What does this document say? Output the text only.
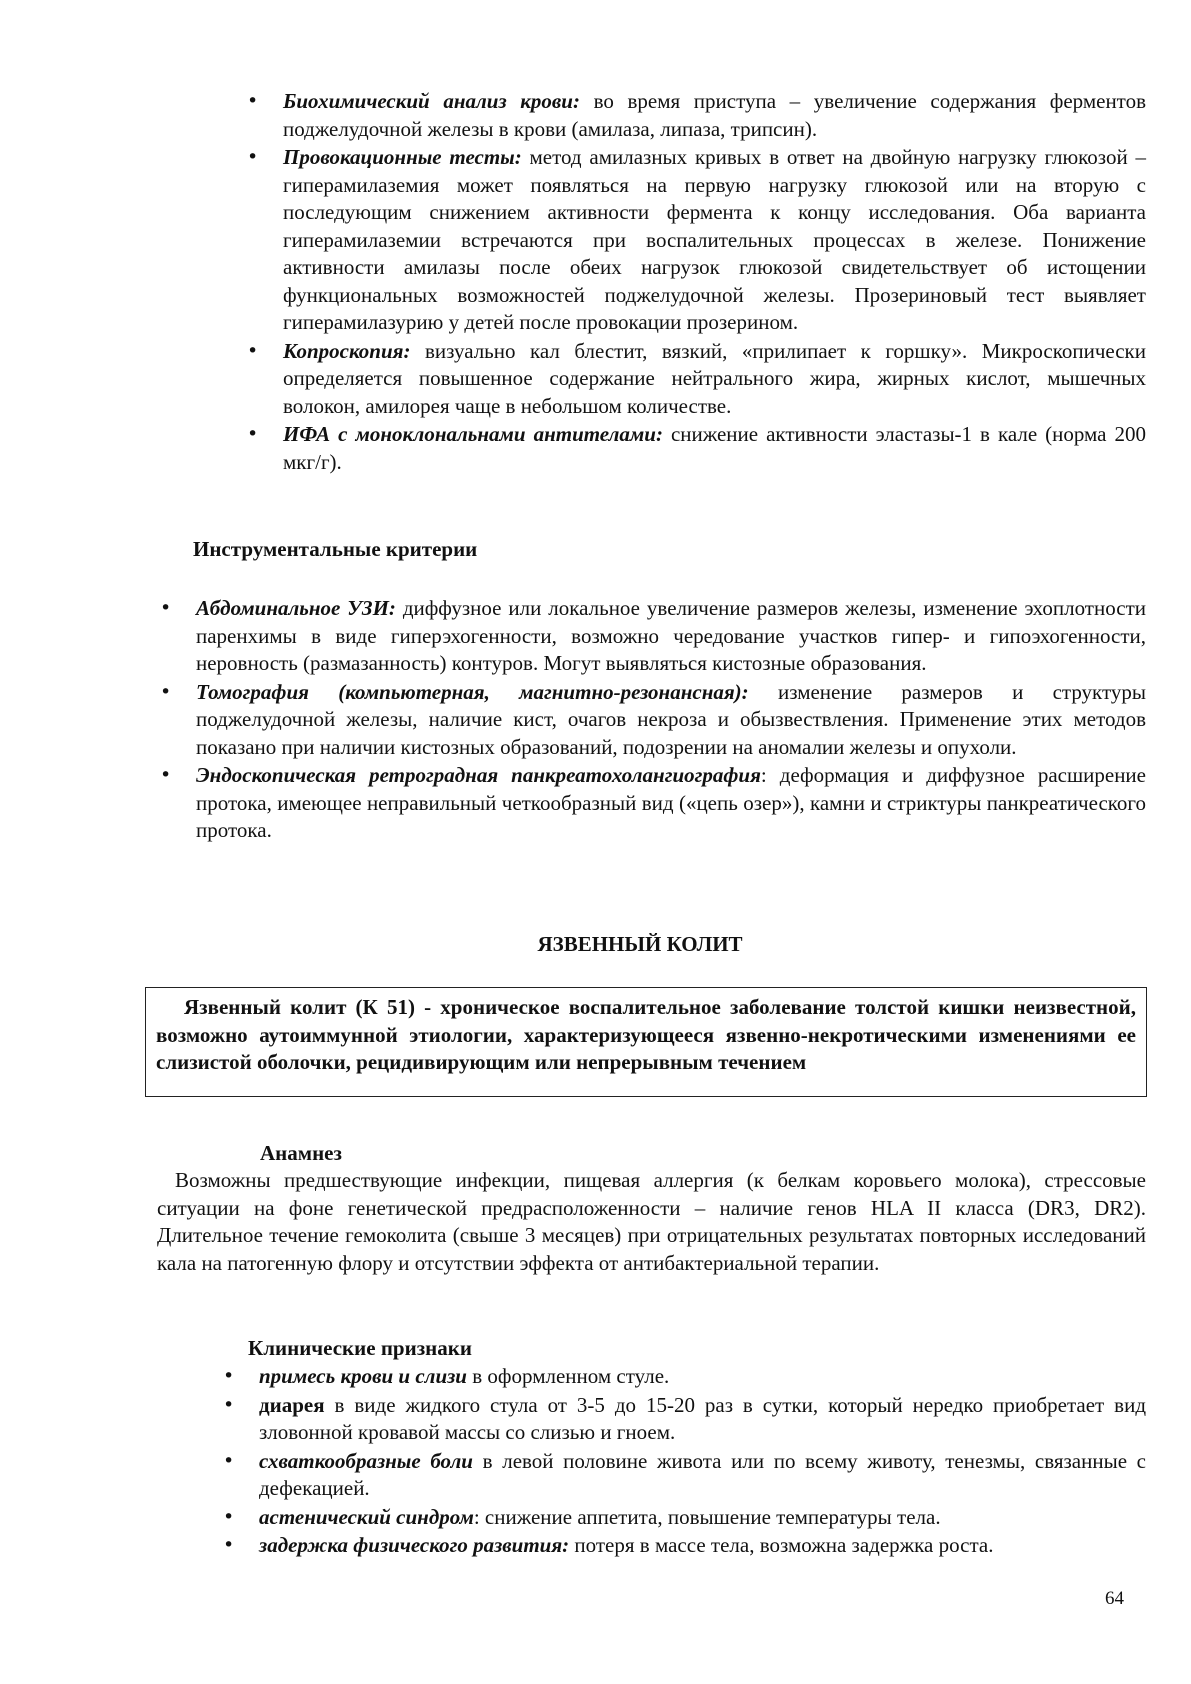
• Биохимический анализ крови: во время приступа – увеличение содержания ферментов поджелудочной железы в крови (амилаза, липаза, трипсин).
• Провокационные тесты: метод амилазных кривых в ответ на двойную нагрузку глюкозой – гиперамилаземия может появляться на первую нагрузку глюкозой или на вторую с последующим снижением активности фермента к концу исследования. Оба варианта гиперамилаземии встречаются при воспалительных процессах в железе. Понижение активности амилазы после обеих нагрузок глюкозой свидетельствует об истощении функциональных возможностей поджелудочной железы. Прозериновый тест выявляет гиперамилазурию у детей после провокации прозерином.
• Копроскопия: визуально кал блестит, вязкий, «прилипает к горшку». Микроскопически определяется повышенное содержание нейтрального жира, жирных кислот, мышечных волокон, амилорея чаще в небольшом количестве.
• ИФА с моноклональнами антителами: снижение активности эластазы-1 в кале (норма 200 мкг/г).
Инструментальные критерии
• Абдоминальное УЗИ: диффузное или локальное увеличение размеров железы, изменение эхоплотности паренхимы в виде гиперэхогенности, возможно чередование участков гипер- и гипоэхогенности, неровность (размазанность) контуров. Могут выявляться кистозные образования.
• Томография (компьютерная, магнитно-резонансная): изменение размеров и структуры поджелудочной железы, наличие кист, очагов некроза и обызвествления. Применение этих методов показано при наличии кистозных образований, подозрении на аномалии железы и опухоли.
• Эндоскопическая ретроградная панкреатохолангиография: деформация и диффузное расширение протока, имеющее неправильный четкообразный вид («цепь озер»), камни и стриктуры панкреатического протока.
ЯЗВЕННЫЙ КОЛИТ
Язвенный колит (К 51) - хроническое воспалительное заболевание толстой кишки неизвестной, возможно аутоиммунной этиологии, характеризующееся язвенно-некротическими изменениями ее слизистой оболочки, рецидивирующим или непрерывным течением
Анамнез
Возможны предшествующие инфекции, пищевая аллергия (к белкам коровьего молока), стрессовые ситуации на фоне генетической предрасположенности – наличие генов HLA II класса (DR3, DR2). Длительное течение гемоколита (свыше 3 месяцев) при отрицательных результатах повторных исследований кала на патогенную флору и отсутствии эффекта от антибактериальной терапии.
Клинические признаки
• примесь крови и слизи в оформленном стуле.
• диарея в виде жидкого стула от 3-5 до 15-20 раз в сутки, который нередко приобретает вид зловонной кровавой массы со слизью и гноем.
• схваткообразные боли в левой половине живота или по всему животу, тенезмы, связанные с дефекацией.
• астенический синдром: снижение аппетита, повышение температуры тела.
• задержка физического развития: потеря в массе тела, возможна задержка роста.
64
